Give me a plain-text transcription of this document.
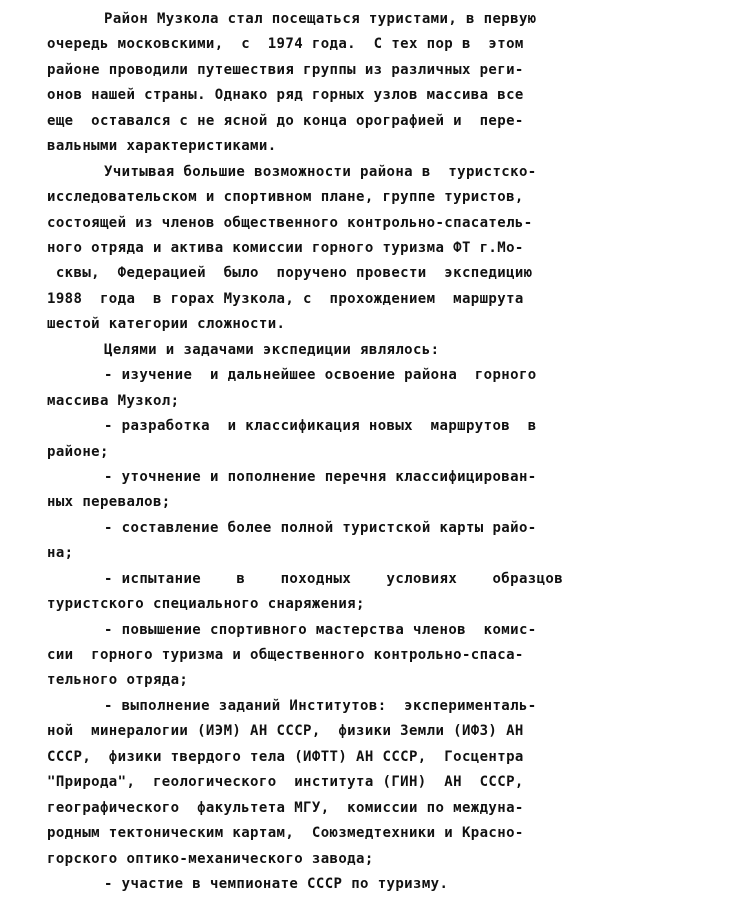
Район Музкола стал посещаться туристами, в первую
очередь московскими,  с  1974 года.  С тех пор в  этом
районе проводили путешествия группы из различных реги-
онов нашей страны. Однако ряд горных узлов массива все
еще  оставался с не ясной до конца орографией и  пере-
вальными характеристиками.
Учитывая большие возможности района в  туристско-
исследовательском и спортивном плане, группе туристов,
состоящей из членов общественного контрольно-спасатель-
ного отряда и актива комиссии горного туризма ФТ г.Мо-
сквы,  Федерацией  было  поручено провести  экспедицию
1988  года  в горах Музкола, с  прохождением  маршрута
шестой категории сложности.
Целями и задачами экспедиции являлось:
- изучение  и дальнейшее освоение района  горного
массива Музкол;
- разработка  и классификация новых  маршрутов  в
районе;
- уточнение и пополнение перечня классифицирован-
ных перевалов;
- составление более полной туристской карты райо-
на;
- испытание    в    походных    условиях    образцов
туристского специального снаряжения;
- повышение спортивного мастерства членов  комис-
сии  горного туризма и общественного контрольно-спаса-
тельного отряда;
- выполнение заданий Институтов:  эксперименталь-
ной  минералогии (ИЭМ) АН СССР,  физики Земли (ИФЗ) АН
СССР,  физики твердого тела (ИФТТ) АН СССР,  Госцентра
"Природа",  геологического  института (ГИН)  АН  СССР,
географического  факультета МГУ,  комиссии по междуна-
родным тектоническим картам,  Союзмедтехники и Красно-
горского оптико-механического завода;
- участие в чемпионате СССР по туризму.
